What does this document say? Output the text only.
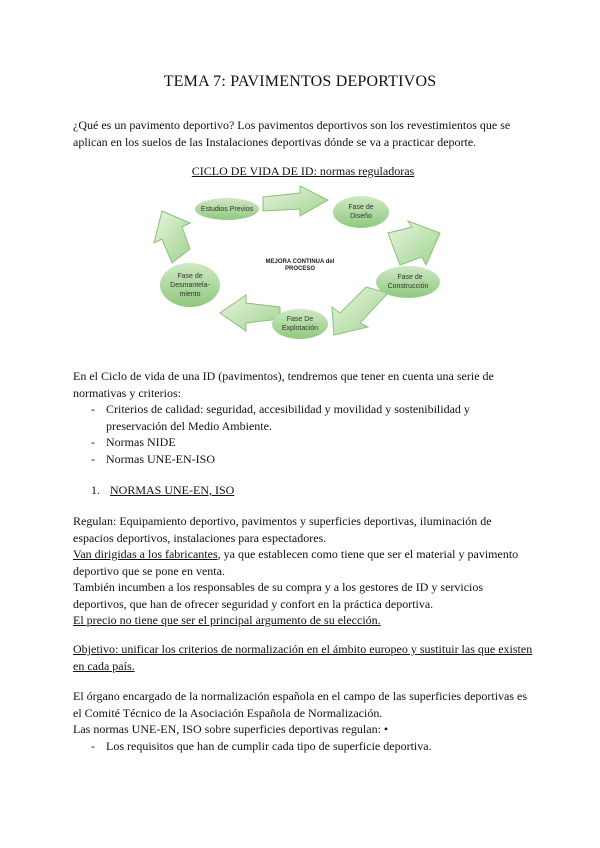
TEMA 7: PAVIMENTOS DEPORTIVOS
¿Qué es un pavimento deportivo? Los pavimentos deportivos son los revestimientos que se aplican en los suelos de las Instalaciones deportivas dónde se va a practicar deporte.
CICLO DE VIDA DE ID: normas reguladoras
Estudios Previos	Fase de
Diseño
Fase de
Construcción
Fase De
Explotación
Fase de
Desmantela-
miento
MEJORA CONTINUA del
PROCESO
En el Ciclo de vida de una ID (pavimentos), tendremos que tener en cuenta una serie de normativas y criterios:
- Criterios de calidad: seguridad, accesibilidad y movilidad y sostenibilidad y preservación del Medio Ambiente.
- Normas NIDE
- Normas UNE-EN-ISO
1. NORMAS UNE-EN, ISO
Regulan: Equipamiento deportivo, pavimentos y superficies deportivas, iluminación de espacios deportivos, instalaciones para espectadores.
Van dirigidas a los fabricantes, ya que establecen como tiene que ser el material y pavimento deportivo que se pone en venta.
También incumben a los responsables de su compra y a los gestores de ID y servicios deportivos, que han de ofrecer seguridad y confort en la práctica deportiva.
El precio no tiene que ser el principal argumento de su elección.
Objetivo: unificar los criterios de normalización en el ámbito europeo y sustituir las que existen en cada país.
El órgano encargado de la normalización española en el campo de las superficies deportivas es el Comité Técnico de la Asociación Española de Normalización.
Las normas UNE-EN, ISO sobre superficies deportivas regulan: •
- Los requisitos que han de cumplir cada tipo de superficie deportiva.
